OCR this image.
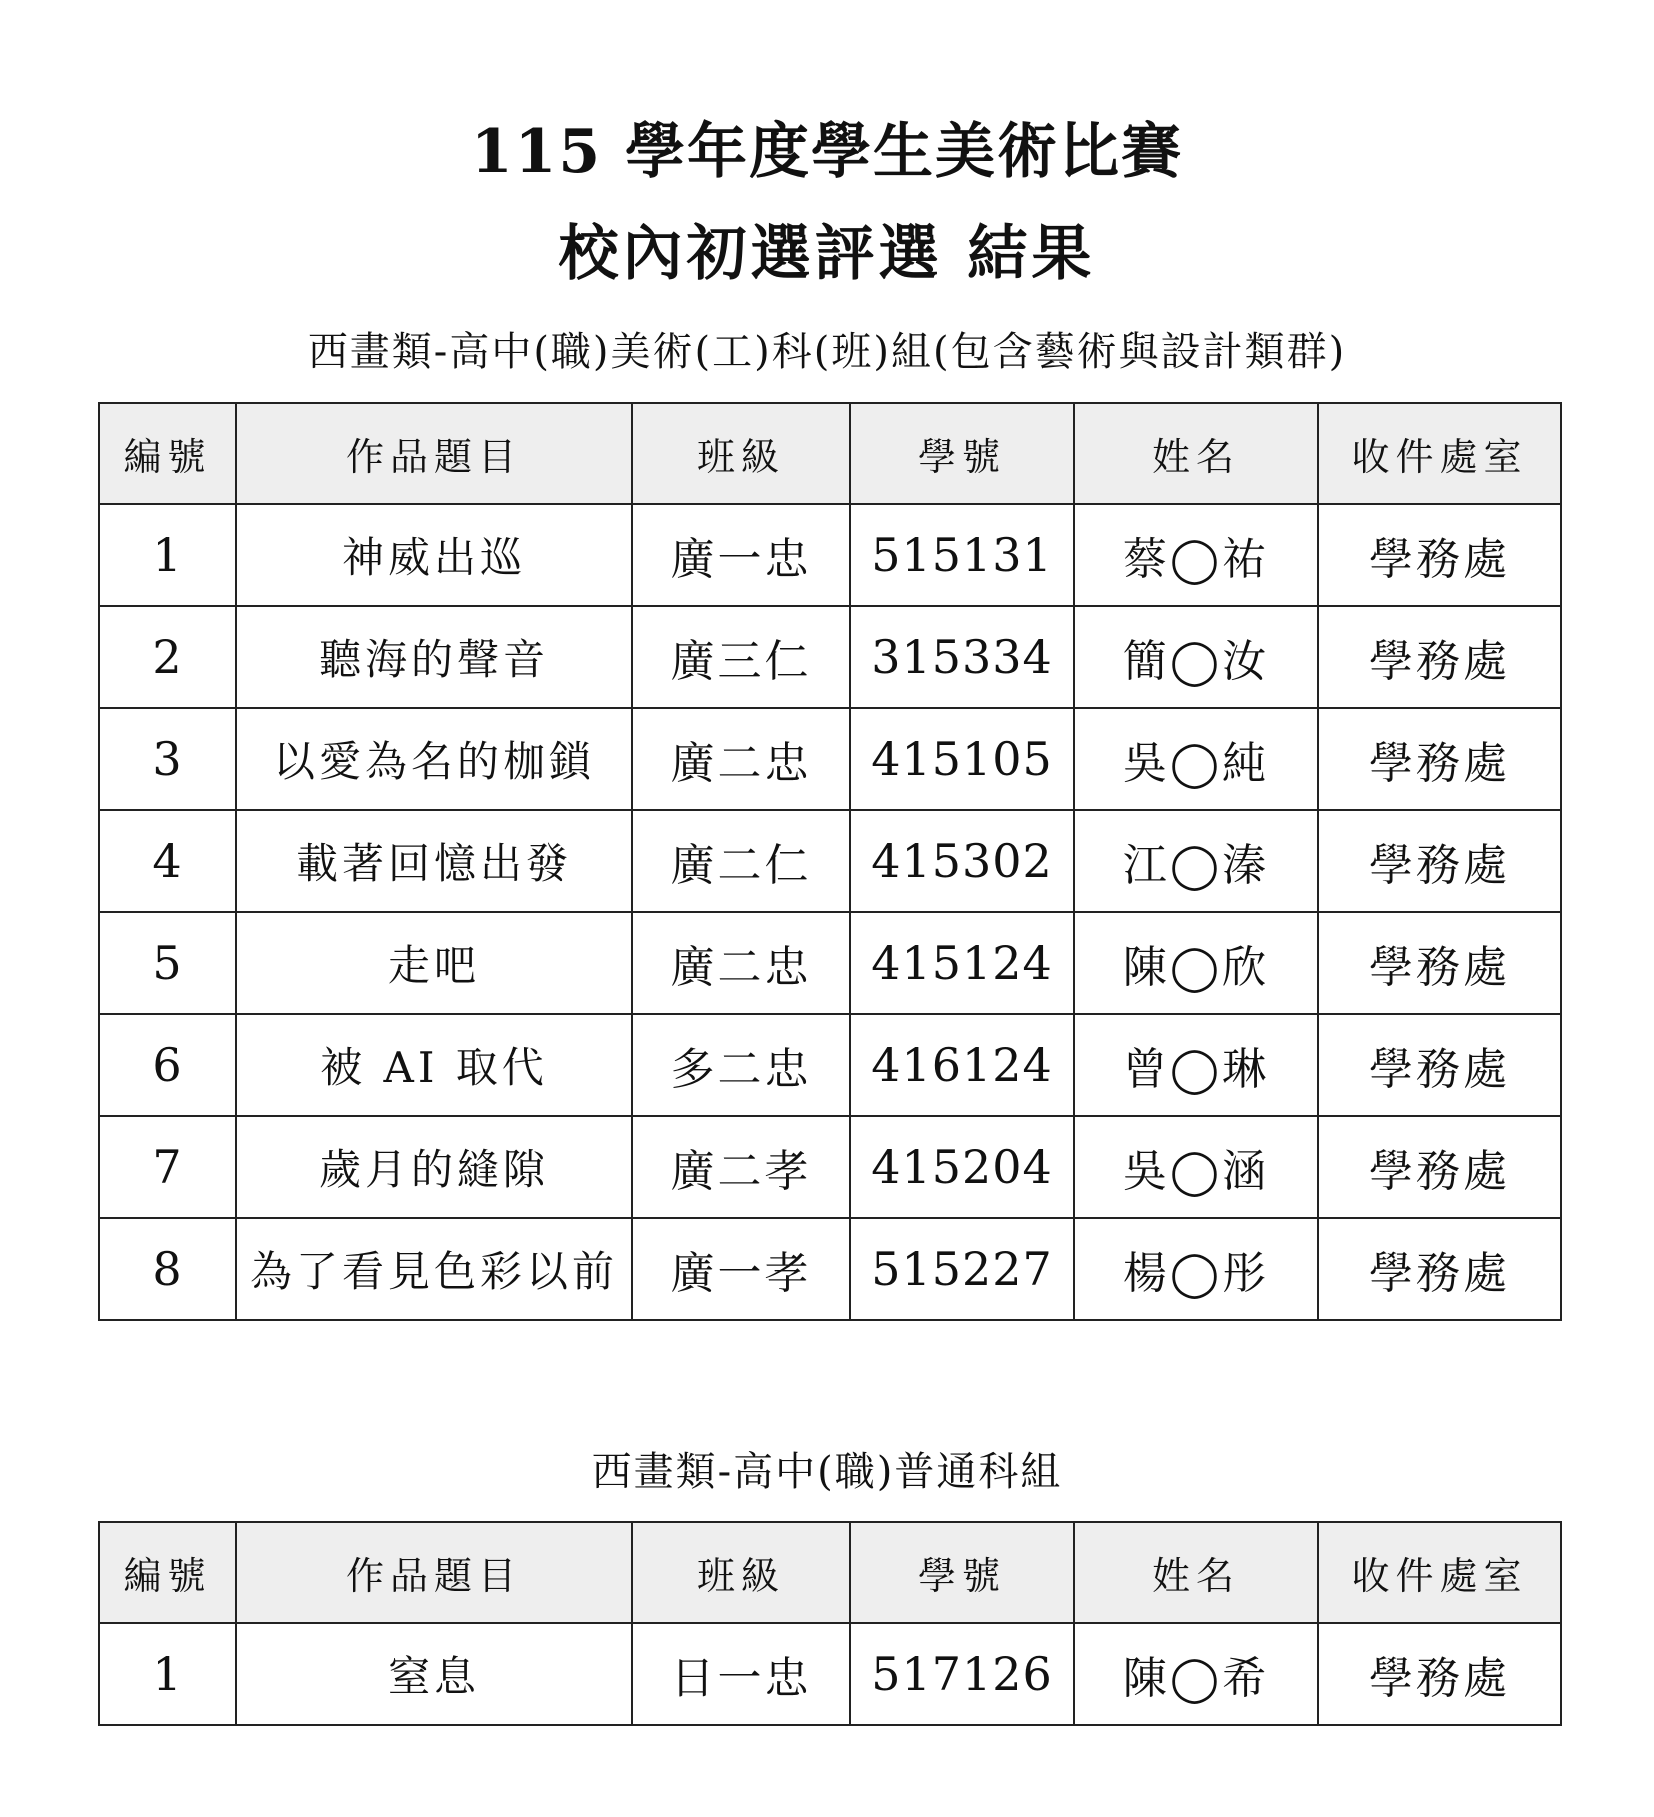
115 學年度學生美術比賽
校內初選評選 結果
西畫類-高中(職)美術(工)科(班)組(包含藝術與設計類群)
編號	作品題目	班級	學號	姓名	收件處室
1	神威出巡	廣一忠	515131	蔡◯祐	學務處
2	聽海的聲音	廣三仁	315334	簡◯汝	學務處
3	以愛為名的枷鎖	廣二忠	415105	吳◯純	學務處
4	載著回憶出發	廣二仁	415302	江◯溱	學務處
5	走吧	廣二忠	415124	陳◯欣	學務處
6	被 AI 取代	多二忠	416124	曾◯琳	學務處
7	歲月的縫隙	廣二孝	415204	吳◯涵	學務處
8	為了看見色彩以前	廣一孝	515227	楊◯彤	學務處
西畫類-高中(職)普通科組
編號	作品題目	班級	學號	姓名	收件處室
1	窒息	日一忠	517126	陳◯希	學務處
